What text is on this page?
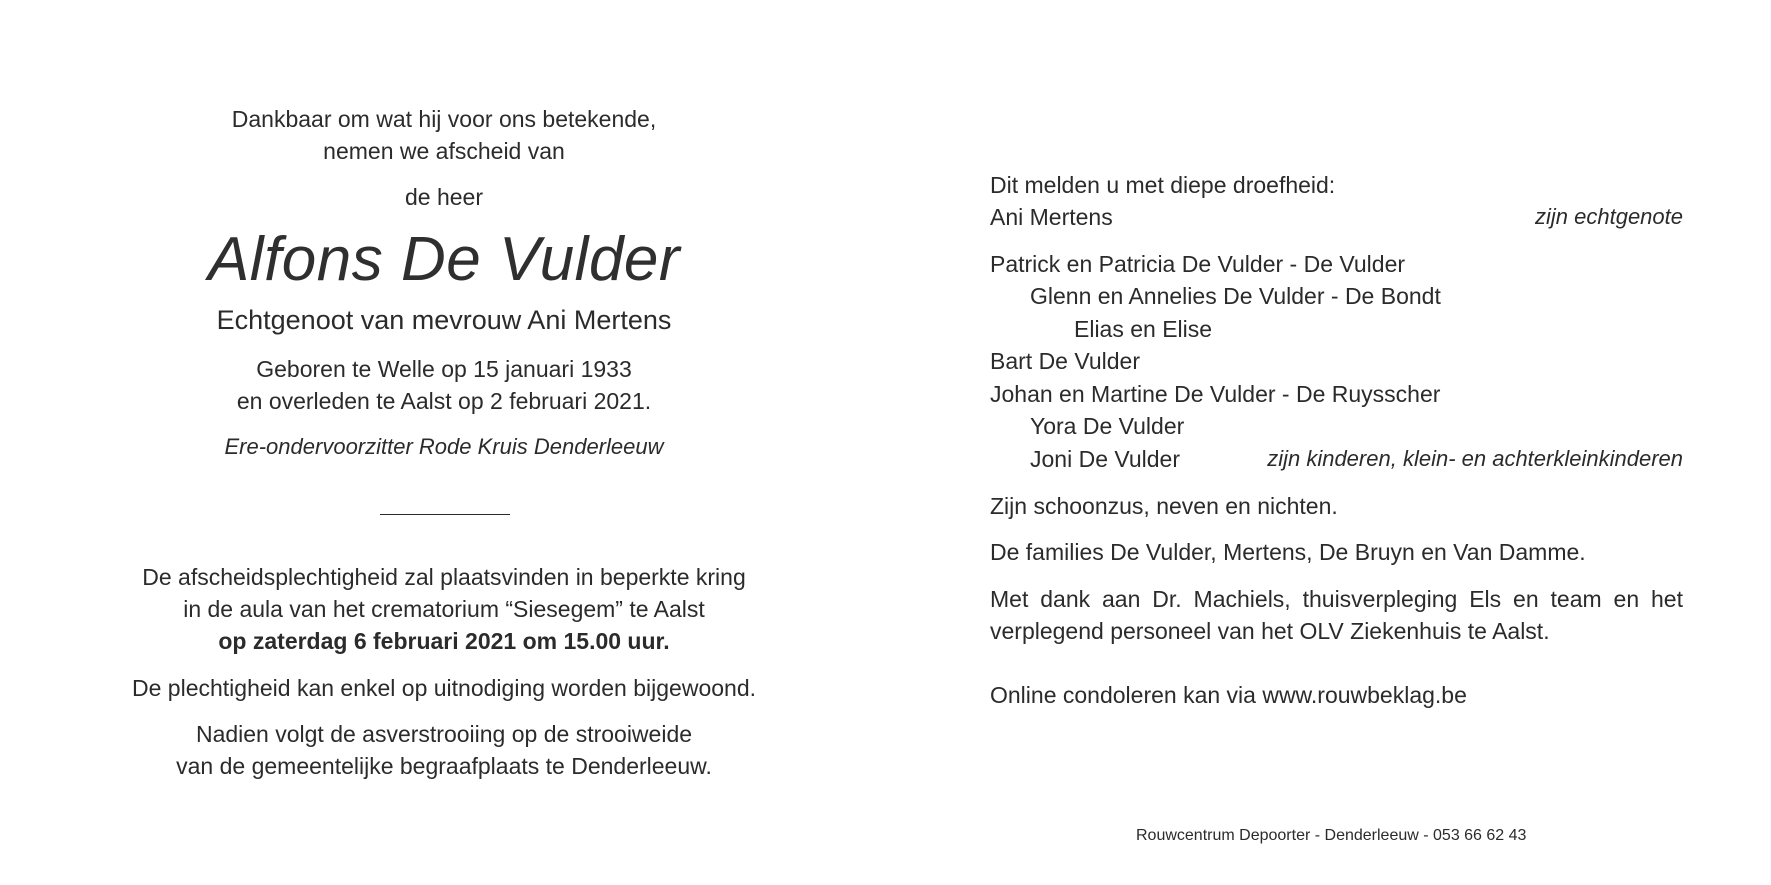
Dankbaar om wat hij voor ons betekende,
nemen we afscheid van
de heer
Alfons De Vulder
Echtgenoot van mevrouw Ani Mertens
Geboren te Welle op 15 januari 1933
en overleden te Aalst op 2 februari 2021.
Ere-ondervoorzitter Rode Kruis Denderleeuw
De afscheidsplechtigheid zal plaatsvinden in beperkte kring
in de aula van het crematorium “Siesegem” te Aalst
op zaterdag 6 februari 2021 om 15.00 uur.
De plechtigheid kan enkel op uitnodiging worden bijgewoond.
Nadien volgt de asverstrooiing op de strooiweide
van de gemeentelijke begraafplaats te Denderleeuw.
Dit melden u met diepe droefheid:
Ani Mertens	zijn echtgenote
Patrick en Patricia De Vulder - De Vulder
Glenn en Annelies De Vulder - De Bondt
Elias en Elise
Bart De Vulder
Johan en Martine De Vulder - De Ruysscher
Yora De Vulder
Joni De Vulder	zijn kinderen, klein- en achterkleinkinderen
Zijn schoonzus, neven en nichten.
De families De Vulder, Mertens, De Bruyn en Van Damme.
Met dank aan Dr. Machiels, thuisverpleging Els en team en het verplegend personeel van het OLV Ziekenhuis te Aalst.
Online condoleren kan via www.rouwbeklag.be
Rouwcentrum Depoorter - Denderleeuw - 053 66 62 43
